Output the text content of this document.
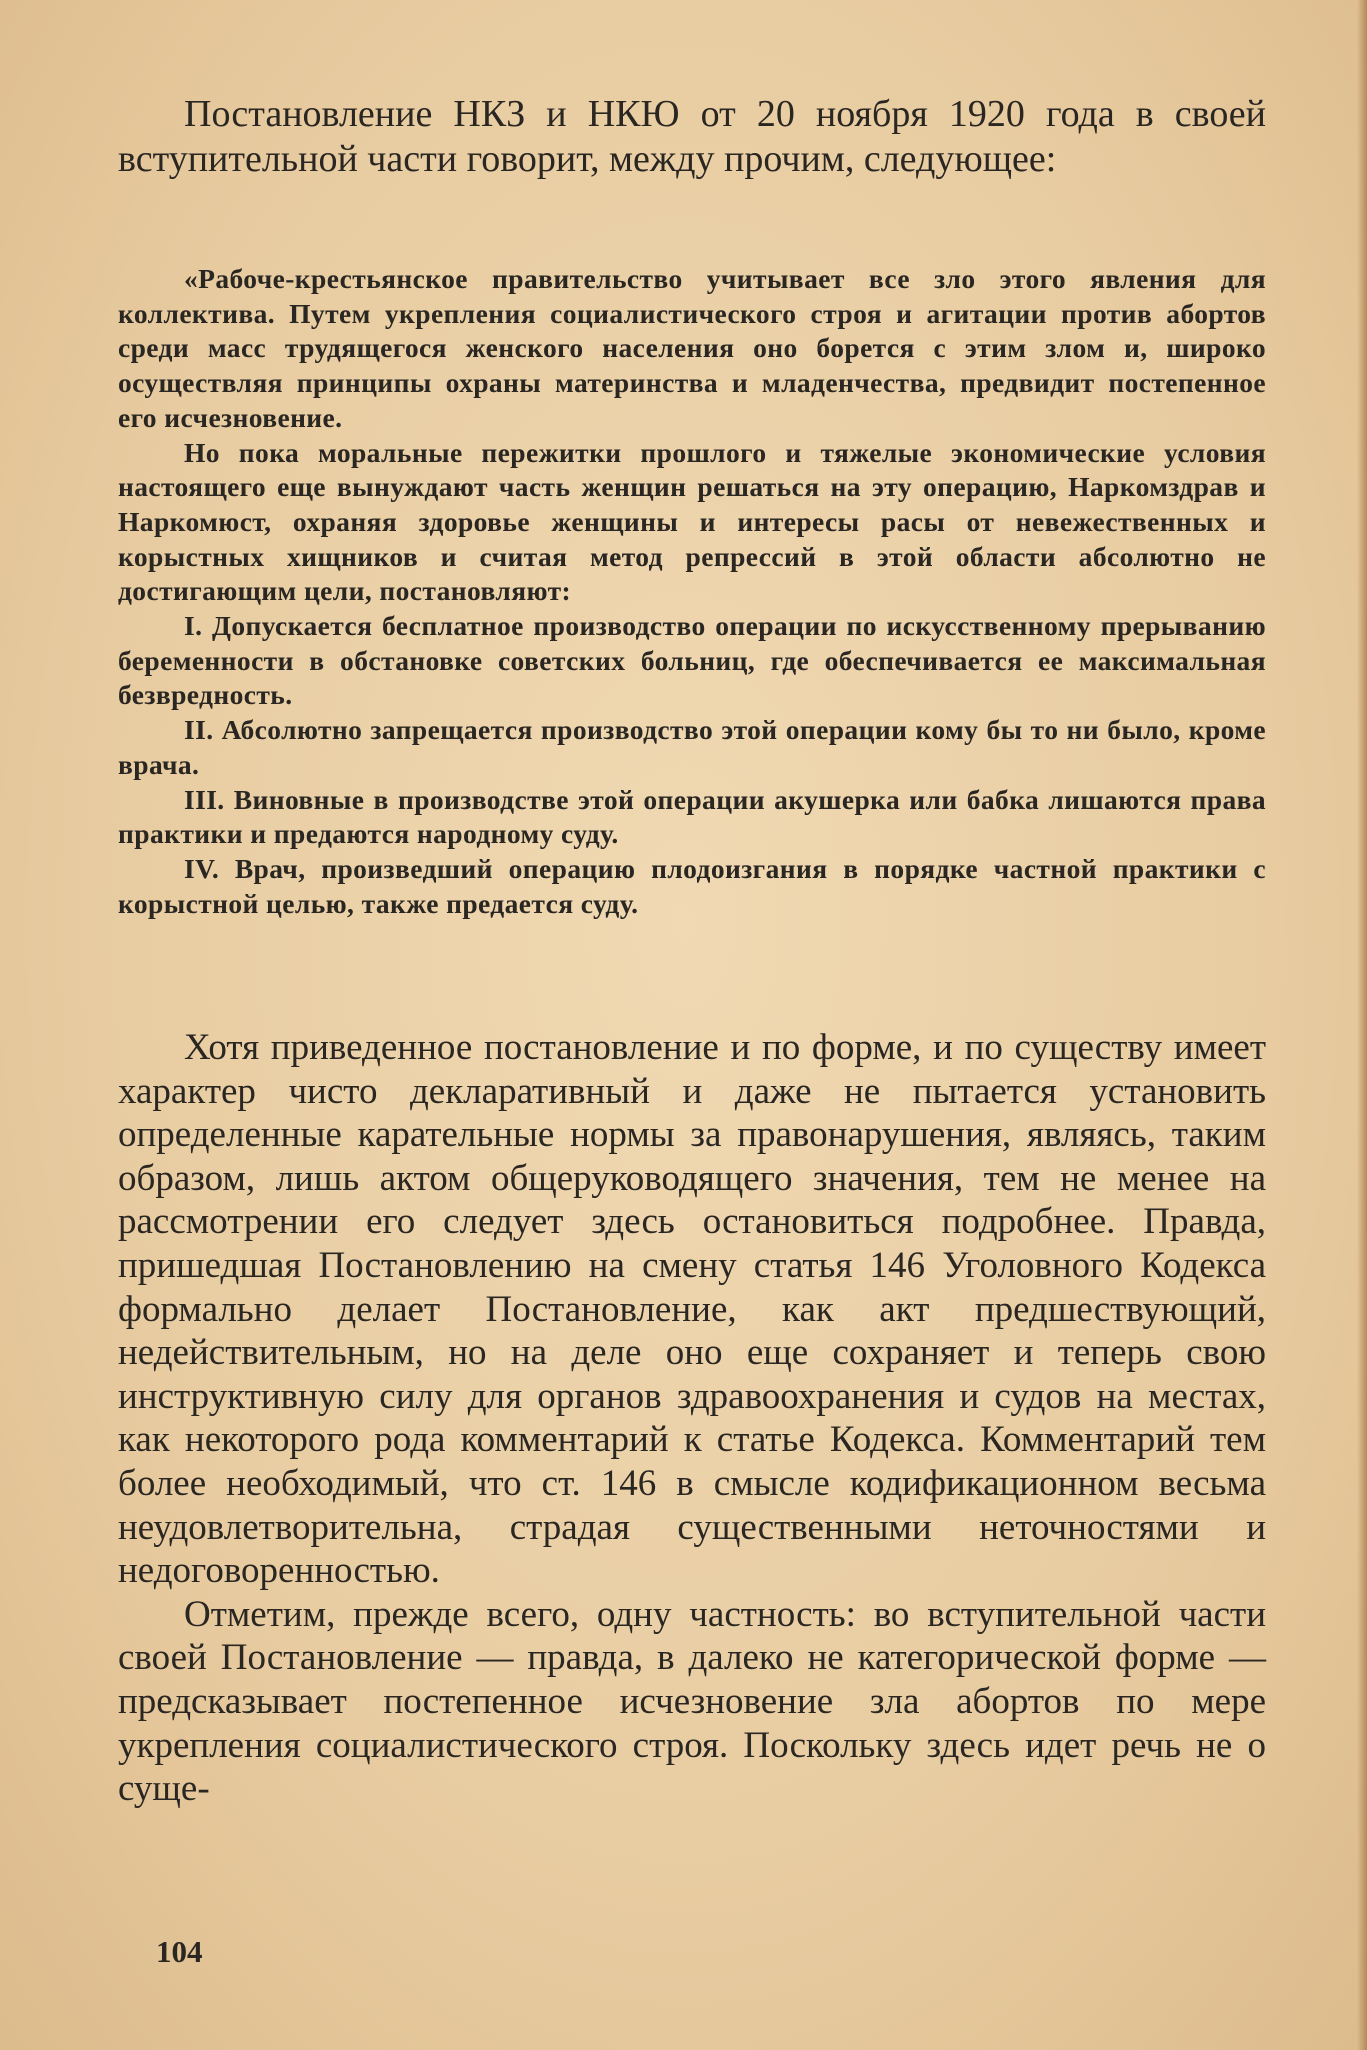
Постановление НКЗ и НКЮ от 20 ноября 1920 года в своей вступительной части говорит, между прочим, следующее:

«Рабоче-крестьянское правительство учитывает все зло этого явления для коллектива. Путем укрепления социалистического строя и агитации против абортов среди масс трудящегося женского населения оно борется с этим злом и, широко осуществляя принципы охраны материнства и младенчества, предвидит постепенное его исчезновение.

Но пока моральные пережитки прошлого и тяжелые экономические условия настоящего еще вынуждают часть женщин решаться на эту операцию, Наркомздрав и Наркомюст, охраняя здоровье женщины и интересы расы от невежественных и корыстных хищников и считая метод репрессий в этой области абсолютно не достигающим цели, постановляют:

I. Допускается бесплатное производство операции по искусственному прерыванию беременности в обстановке советских больниц, где обеспечивается ее максимальная безвредность.

II. Абсолютно запрещается производство этой операции кому бы то ни было, кроме врача.

III. Виновные в производстве этой операции акушерка или бабка лишаются права практики и предаются народному суду.

IV. Врач, произведший операцию плодоизгания в порядке частной практики с корыстной целью, также предается суду.

Хотя приведенное постановление и по форме, и по существу имеет характер чисто декларативный и даже не пытается установить определенные карательные нормы за правонарушения, являясь, таким образом, лишь актом общеруководящего значения, тем не менее на рассмотрении его следует здесь остановиться подробнее. Правда, пришедшая Постановлению на смену статья 146 Уголовного Кодекса формально делает Постановление, как акт предшествующий, недействительным, но на деле оно еще сохраняет и теперь свою инструктивную силу для органов здравоохранения и судов на местах, как некоторого рода комментарий к статье Кодекса. Комментарий тем более необходимый, что ст. 146 в смысле кодификационном весьма неудовлетворительна, страдая существенными неточностями и недоговоренностью.

Отметим, прежде всего, одну частность: во вступительной части своей Постановление — правда, в далеко не категорической форме — предсказывает постепенное исчезновение зла абортов по мере укрепления социалистического строя. Поскольку здесь идет речь не о суще-

104
